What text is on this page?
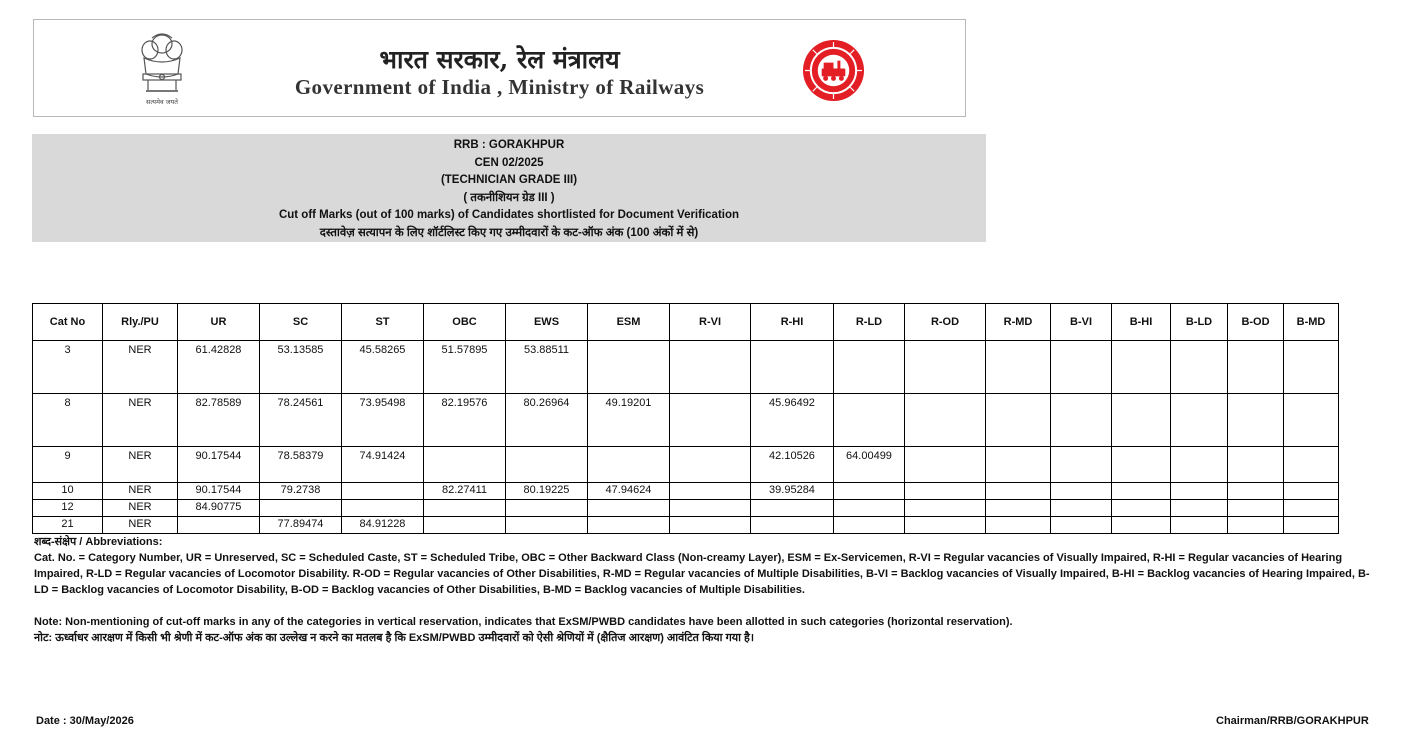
सत्यमेव जयते
भारत सरकार, रेल मंत्रालय
Government of India , Ministry of Railways
RRB : GORAKHPUR
CEN 02/2025
(TECHNICIAN GRADE III)
( तकनीशियन ग्रेड III )
Cut off Marks (out of 100 marks) of Candidates shortlisted for Document Verification
दस्तावेज़ सत्यापन के लिए शॉर्टलिस्ट किए गए उम्मीदवारों के कट-ऑफ अंक (100 अंकों में से)
Cat No	Rly./PU	UR	SC	ST	OBC	EWS	ESM	R-VI	R-HI	R-LD	R-OD	R-MD	B-VI	B-HI	B-LD	B-OD	B-MD
3	NER	61.42828	53.13585	45.58265	51.57895	53.88511											
8	NER	82.78589	78.24561	73.95498	82.19576	80.26964	49.19201		45.96492								
9	NER	90.17544	78.58379	74.91424					42.10526	64.00499							
10	NER	90.17544	79.2738		82.27411	80.19225	47.94624		39.95284								
12	NER	84.90775															
21	NER		77.89474	84.91228													
शब्द-संक्षेप / Abbreviations:
Cat. No. = Category Number, UR = Unreserved, SC = Scheduled Caste, ST = Scheduled Tribe, OBC = Other Backward Class (Non-creamy Layer), ESM = Ex-Servicemen, R-VI = Regular vacancies of Visually Impaired, R-HI = Regular vacancies of Hearing Impaired, R-LD = Regular vacancies of Locomotor Disability. R-OD = Regular vacancies of Other Disabilities, R-MD = Regular vacancies of Multiple Disabilities, B-VI = Backlog vacancies of Visually Impaired, B-HI = Backlog vacancies of Hearing Impaired, B-LD = Backlog vacancies of Locomotor Disability, B-OD = Backlog vacancies of Other Disabilities, B-MD = Backlog vacancies of Multiple Disabilities.
Note: Non-mentioning of cut-off marks in any of the categories in vertical reservation, indicates that ExSM/PWBD candidates have been allotted in such categories (horizontal reservation).
नोट: ऊर्ध्वाधर आरक्षण में किसी भी श्रेणी में कट-ऑफ अंक का उल्लेख न करने का मतलब है कि ExSM/PWBD उम्मीदवारों को ऐसी श्रेणियों में (क्षैतिज आरक्षण) आवंटित किया गया है।
Date : 30/May/2026	Chairman/RRB/GORAKHPUR
